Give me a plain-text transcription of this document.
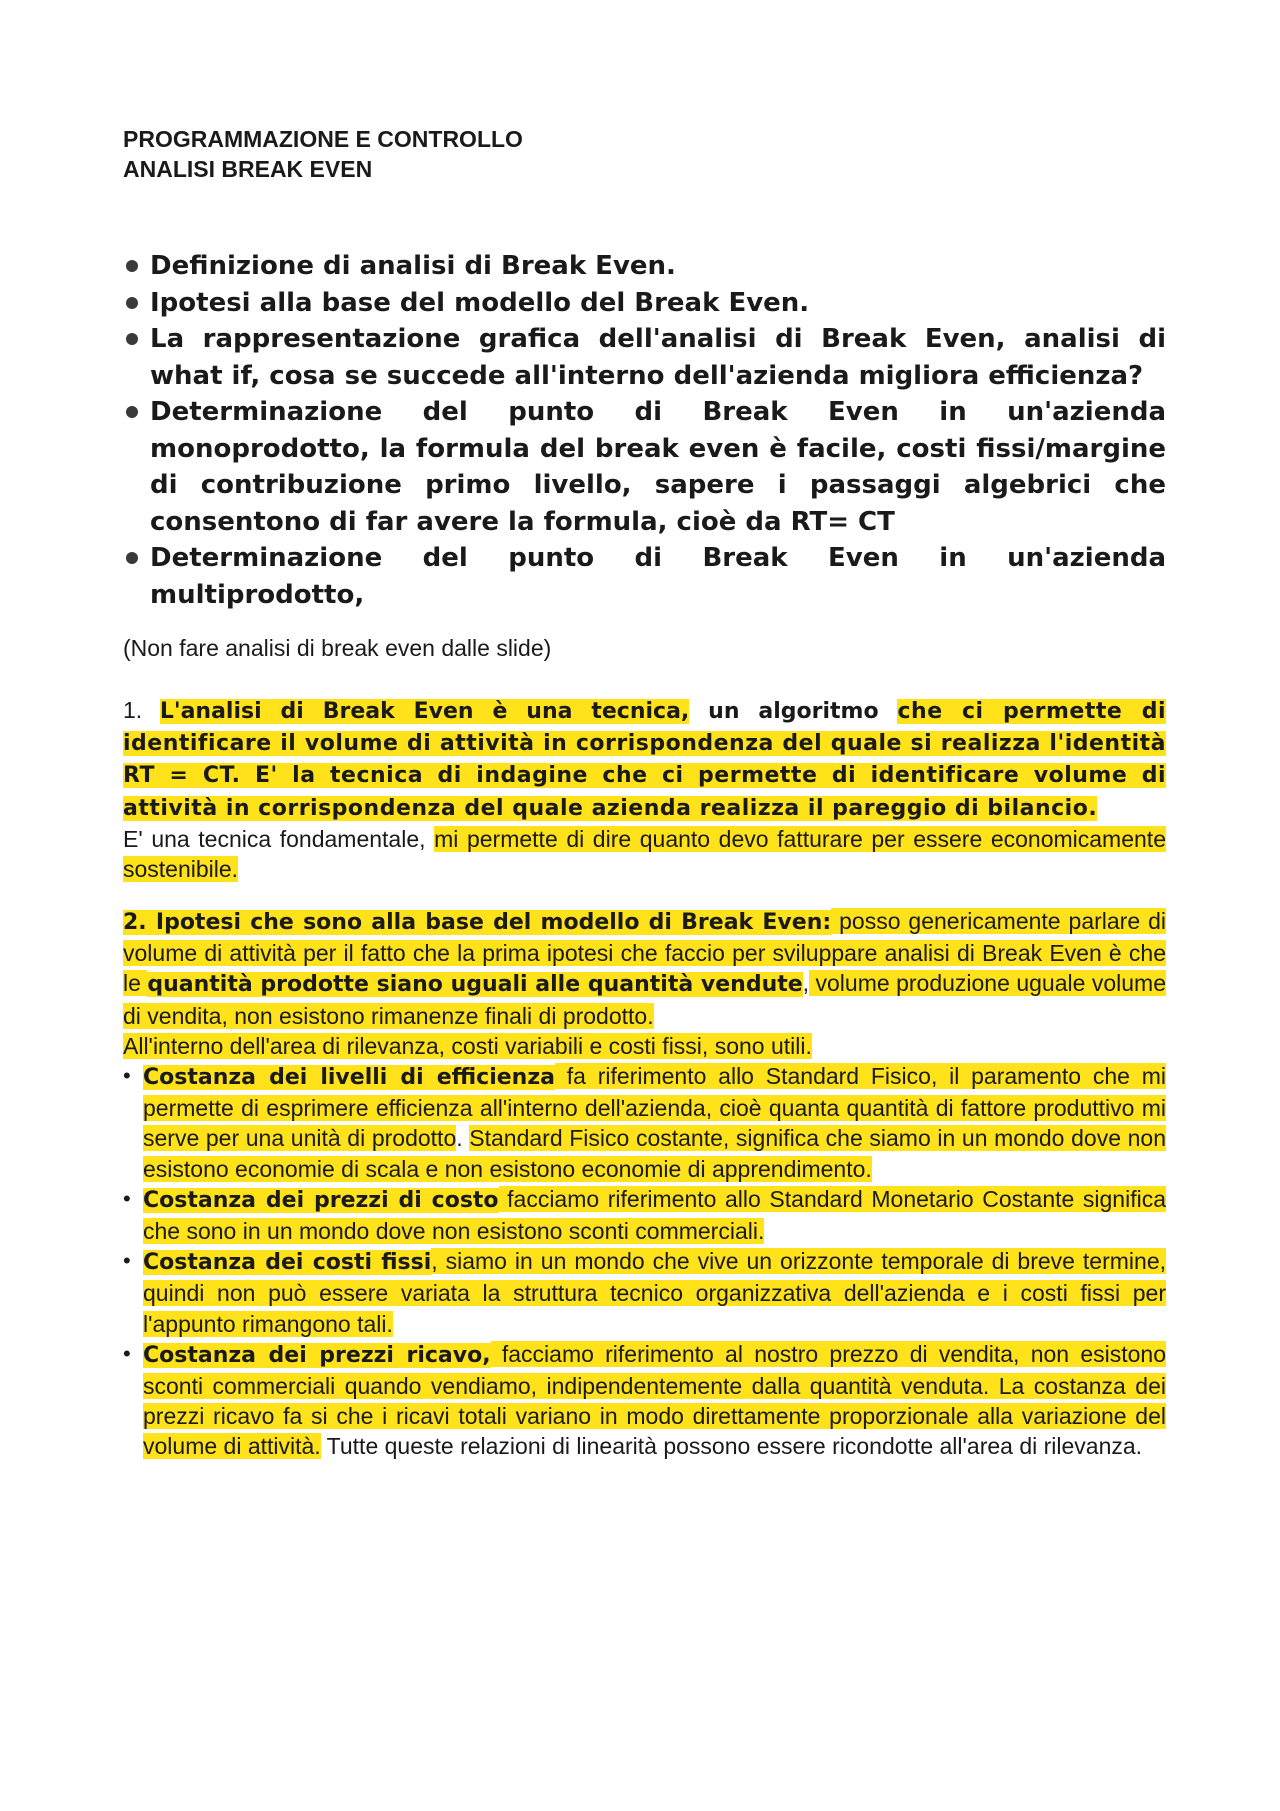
PROGRAMMAZIONE E CONTROLLO
ANALISI BREAK EVEN
Definizione di analisi di Break Even.
Ipotesi alla base del modello del Break Even.
La rappresentazione grafica dell'analisi di Break Even, analisi di what if, cosa se succede all'interno dell'azienda migliora efficienza?
Determinazione del punto di Break Even in un'azienda monoprodotto, la formula del break even è facile, costi fissi/margine di contribuzione primo livello, sapere i passaggi algebrici che consentono di far avere la formula, cioè da RT= CT
Determinazione del punto di Break Even in un'azienda multiprodotto,
(Non fare analisi di break even dalle slide)
1. L'analisi di Break Even è una tecnica, un algoritmo che ci permette di identificare il volume di attività in corrispondenza del quale si realizza l'identità RT = CT. E' la tecnica di indagine che ci permette di identificare volume di attività in corrispondenza del quale azienda realizza il pareggio di bilancio.
E' una tecnica fondamentale, mi permette di dire quanto devo fatturare per essere economicamente sostenibile.
2. Ipotesi che sono alla base del modello di Break Even: posso genericamente parlare di volume di attività per il fatto che la prima ipotesi che faccio per sviluppare analisi di Break Even è che le quantità prodotte siano uguali alle quantità vendute, volume produzione uguale volume di vendita, non esistono rimanenze finali di prodotto.
All'interno dell'area di rilevanza, costi variabili e costi fissi, sono utili.
• Costanza dei livelli di efficienza fa riferimento allo Standard Fisico, il paramento che mi permette di esprimere efficienza all'interno dell'azienda, cioè quanta quantità di fattore produttivo mi serve per una unità di prodotto. Standard Fisico costante, significa che siamo in un mondo dove non esistono economie di scala e non esistono economie di apprendimento.
• Costanza dei prezzi di costo facciamo riferimento allo Standard Monetario Costante significa che sono in un mondo dove non esistono sconti commerciali.
• Costanza dei costi fissi, siamo in un mondo che vive un orizzonte temporale di breve termine, quindi non può essere variata la struttura tecnico organizzativa dell'azienda e i costi fissi per l'appunto rimangono tali.
• Costanza dei prezzi ricavo, facciamo riferimento al nostro prezzo di vendita, non esistono sconti commerciali quando vendiamo, indipendentemente dalla quantità venduta. La costanza dei prezzi ricavo fa si che i ricavi totali variano in modo direttamente proporzionale alla variazione del volume di attività. Tutte queste relazioni di linearità possono essere ricondotte all'area di rilevanza.
